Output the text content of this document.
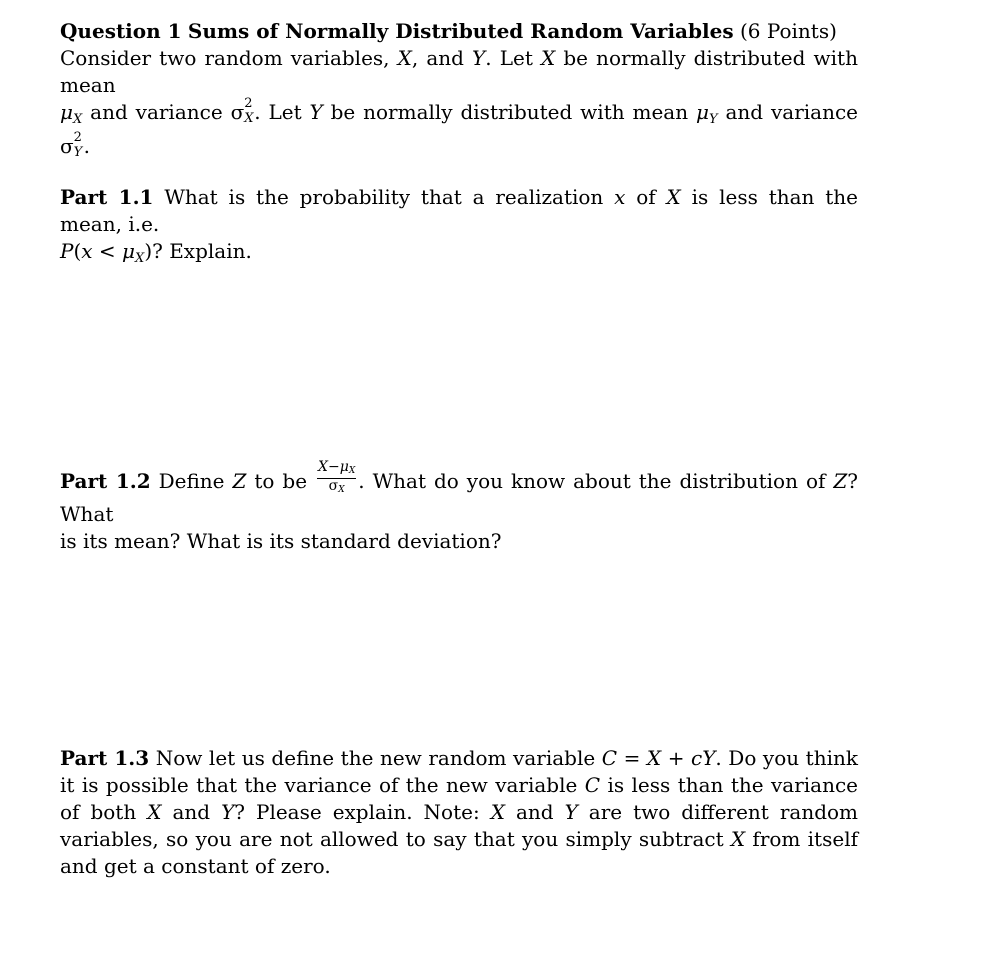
Question 1 Sums of Normally Distributed Random Variables (6 Points)
Consider two random variables, X, and Y. Let X be normally distributed with mean
$\mu_X$ and variance σ 2
X . Let Y be normally distributed with mean $\mu_Y$ and variance σ 2
Y .

Part 1.1 What is the probability that a realization x of X is less than the mean, i.e.
$P(x < \mu_X)$? Explain.

Part 1.2 Define Z to be $\frac{X-\mu X}{\sigma X}$ . What do you know about the distribution of Z? What
is its mean? What is its standard deviation?

Part 1.3 Now let us define the new random variable C = X + cY. Do you think it is possible that the variance of the new variable C is less than the variance of both X and Y? Please explain. Note: X and Y are two different random variables, so you are not allowed to say that you simply subtract X from itself and get a constant of zero.
